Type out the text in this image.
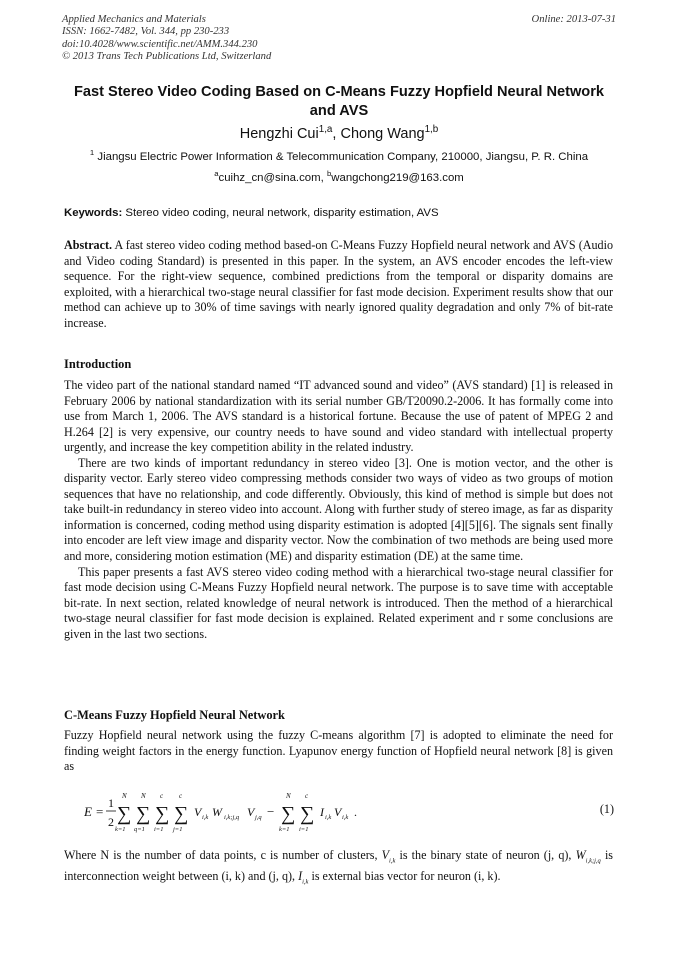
Applied Mechanics and Materials
ISSN: 1662-7482, Vol. 344, pp 230-233
doi:10.4028/www.scientific.net/AMM.344.230
© 2013 Trans Tech Publications Ltd, Switzerland
Online: 2013-07-31
Fast Stereo Video Coding Based on C-Means Fuzzy Hopfield Neural Network and AVS
Hengzhi Cui$^{1,a}$, Chong Wang$^{1,b}$
$^1$ Jiangsu Electric Power Information & Telecommunication Company, 210000, Jiangsu, P. R. China
$^a$cuihz_cn@sina.com, $^b$wangchong219@163.com
Keywords: Stereo video coding, neural network, disparity estimation, AVS
Abstract. A fast stereo video coding method based-on C-Means Fuzzy Hopfield neural network and AVS (Audio and Video coding Standard) is presented in this paper. In the system, an AVS encoder encodes the left-view sequence. For the right-view sequence, combined predictions from the temporal or disparity domains are exploited, with a hierarchical two-stage neural classifier for fast mode decision. Experiment results show that our method can achieve up to 30% of time savings with nearly ignored quality degradation and only 7% of bit-rate increase.
Introduction

The video part of the national standard named “IT advanced sound and video” (AVS standard) [1] is released in February 2006 by national standardization with its serial number GB/T20090.2-2006. It has formally come into use from March 1, 2006. The AVS standard is a historical fortune. Because the use of patent of MPEG 2 and H.264 [2] is very expensive, our country needs to have sound and video standard with intellectual property urgently, and increase the key competition ability in the related industry.

There are two kinds of important redundancy in stereo video [3]. One is motion vector, and the other is disparity vector. Early stereo video compressing methods consider two ways of video as two groups of motion sequences that have no relationship, and code differently. Obviously, this kind of method is simple but does not take built-in redundancy in stereo video into account. Along with further study of stereo image, as far as disparity information is concerned, coding method using disparity estimation is adopted [4][5][6]. The signals sent finally into encoder are left view image and disparity vector. Now the combination of two methods are being used more and more, considering motion estimation (ME) and disparity estimation (DE) at the same time.

This paper presents a fast AVS stereo video coding method with a hierarchical two-stage neural classifier for fast mode decision using C-Means Fuzzy Hopfield neural network. The purpose is to save time with acceptable bit-rate. In next section, related knowledge of neural network is introduced. Then the method of a hierarchical two-stage neural classifier for fast mode decision is explained. Related experiment and r some conclusions are given in the last two sections.

C-Means Fuzzy Hopfield Neural Network
Fuzzy Hopfield neural network using the fuzzy C-means algorithm [7] is adopted to eliminate the need for finding weight factors in the energy function. Lyapunov energy function of Hopfield neural network [8] is given as
E =
1
2
N
∑
k=1
N
∑
q=1
c
∑
i=1
c
∑
j=1
V i,k W i,k;j,q V j,q −
N
∑
k=1
c
∑
i=1
I i,k V i,k .	(1)
Where N is the number of data points, c is number of clusters, $V_{i,k}$ is the binary state of neuron (j, q), $W_{i,k;j,q}$ is interconnection weight between (i, k) and (j, q), $I_{i,k}$ is external bias vector for neuron (i, k).
